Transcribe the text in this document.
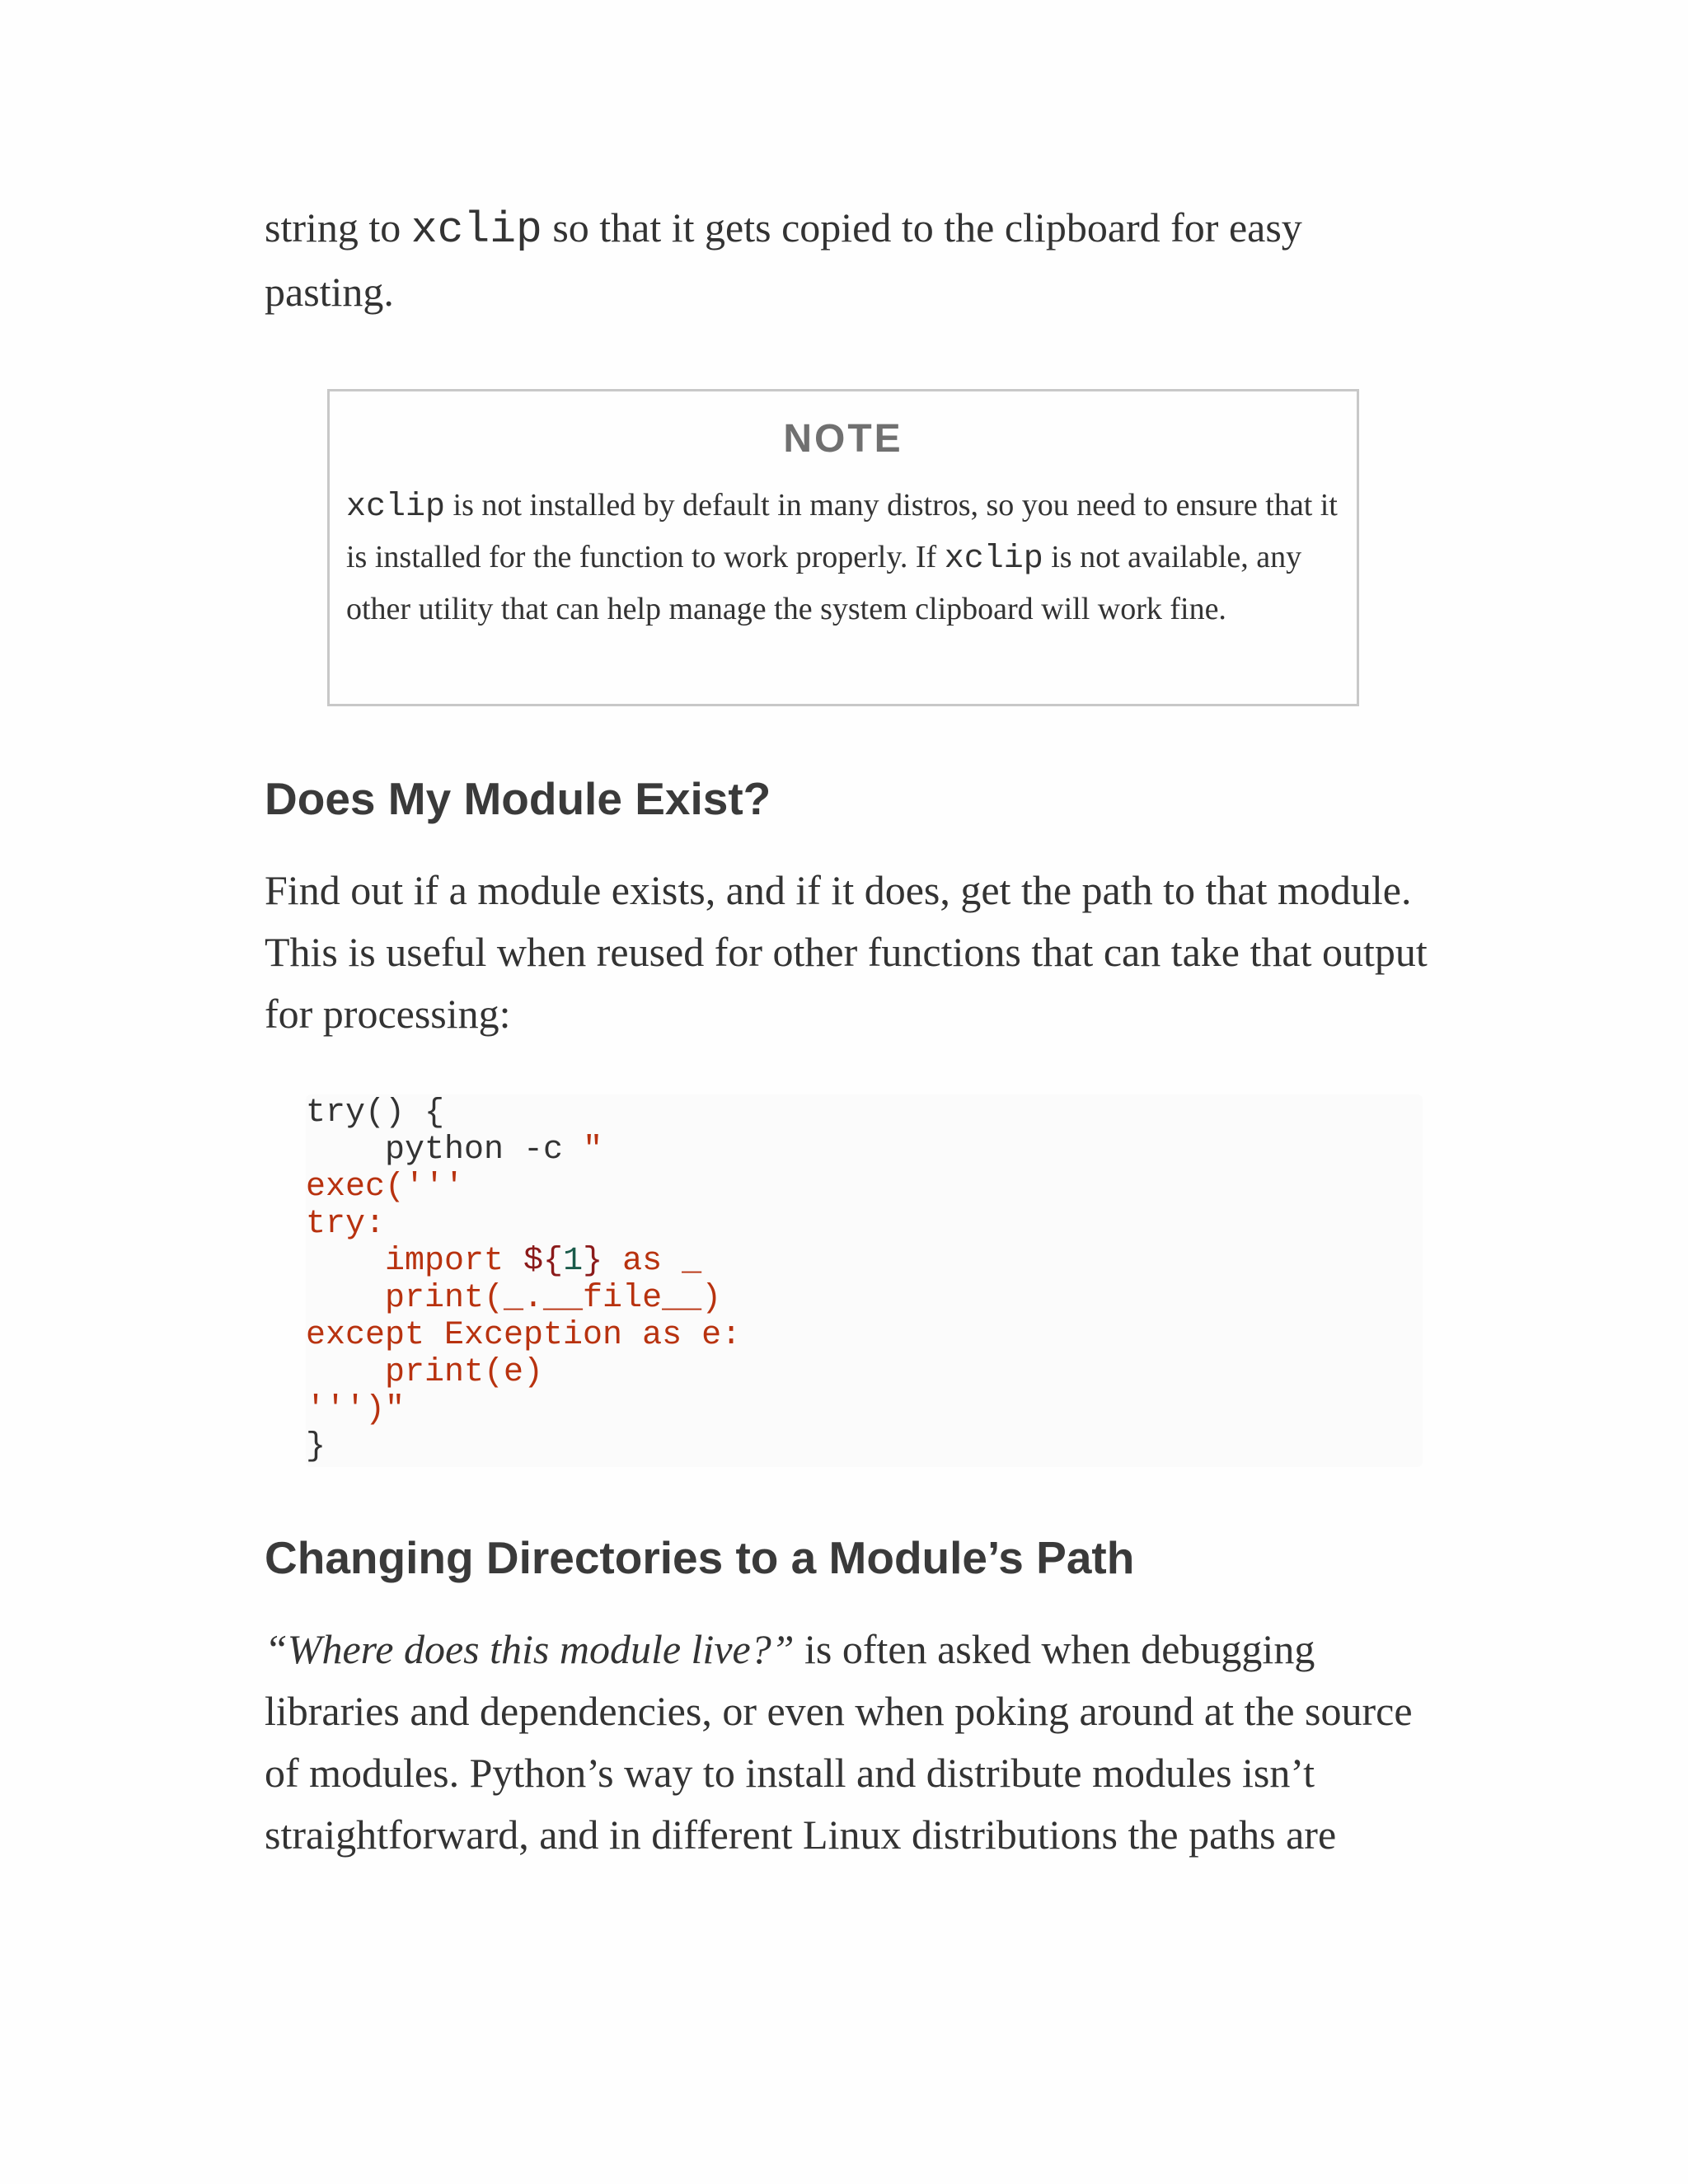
string to xclip so that it gets copied to the clipboard for easy pasting.

NOTE

xclip is not installed by default in many distros, so you need to ensure that it is installed for the function to work properly. If xclip is not available, any other utility that can help manage the system clipboard will work fine.

Does My Module Exist?

Find out if a module exists, and if it does, get the path to that module. This is useful when reused for other functions that can take that output for processing:

try() {
python -c "
exec('''
try:
import ${1} as _
print(_.__file__)
except Exception as e:
print(e)
''')"
}
Changing Directories to a Module’s Path

“Where does this module live?” is often asked when debugging libraries and dependencies, or even when poking around at the source of modules. Python’s way to install and distribute modules isn’t straightforward, and in different Linux distributions the paths are
